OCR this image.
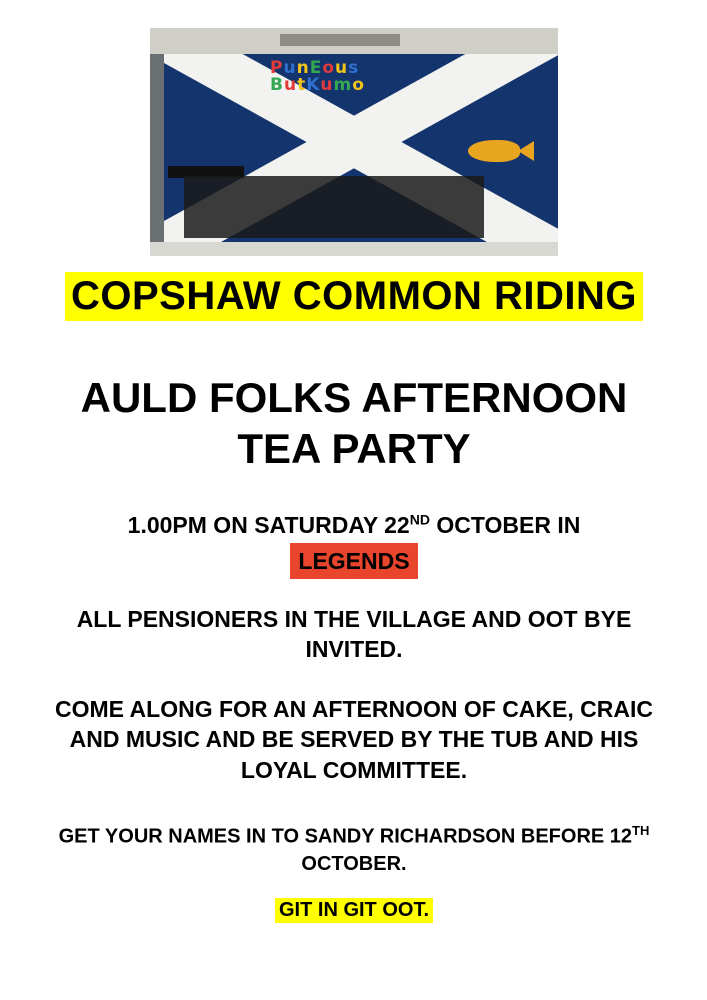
PunEous
ButKumo
COPSHAW COMMON RIDING
AULD FOLKS AFTERNOON
TEA PARTY
1.00PM ON SATURDAY 22ND OCTOBER IN
LEGENDS
ALL PENSIONERS IN THE VILLAGE AND OOT BYE INVITED.
COME ALONG FOR AN AFTERNOON OF CAKE, CRAIC AND MUSIC AND BE SERVED BY THE TUB AND HIS LOYAL COMMITTEE.
GET YOUR NAMES IN TO SANDY RICHARDSON BEFORE 12TH OCTOBER.
GIT IN GIT OOT.
